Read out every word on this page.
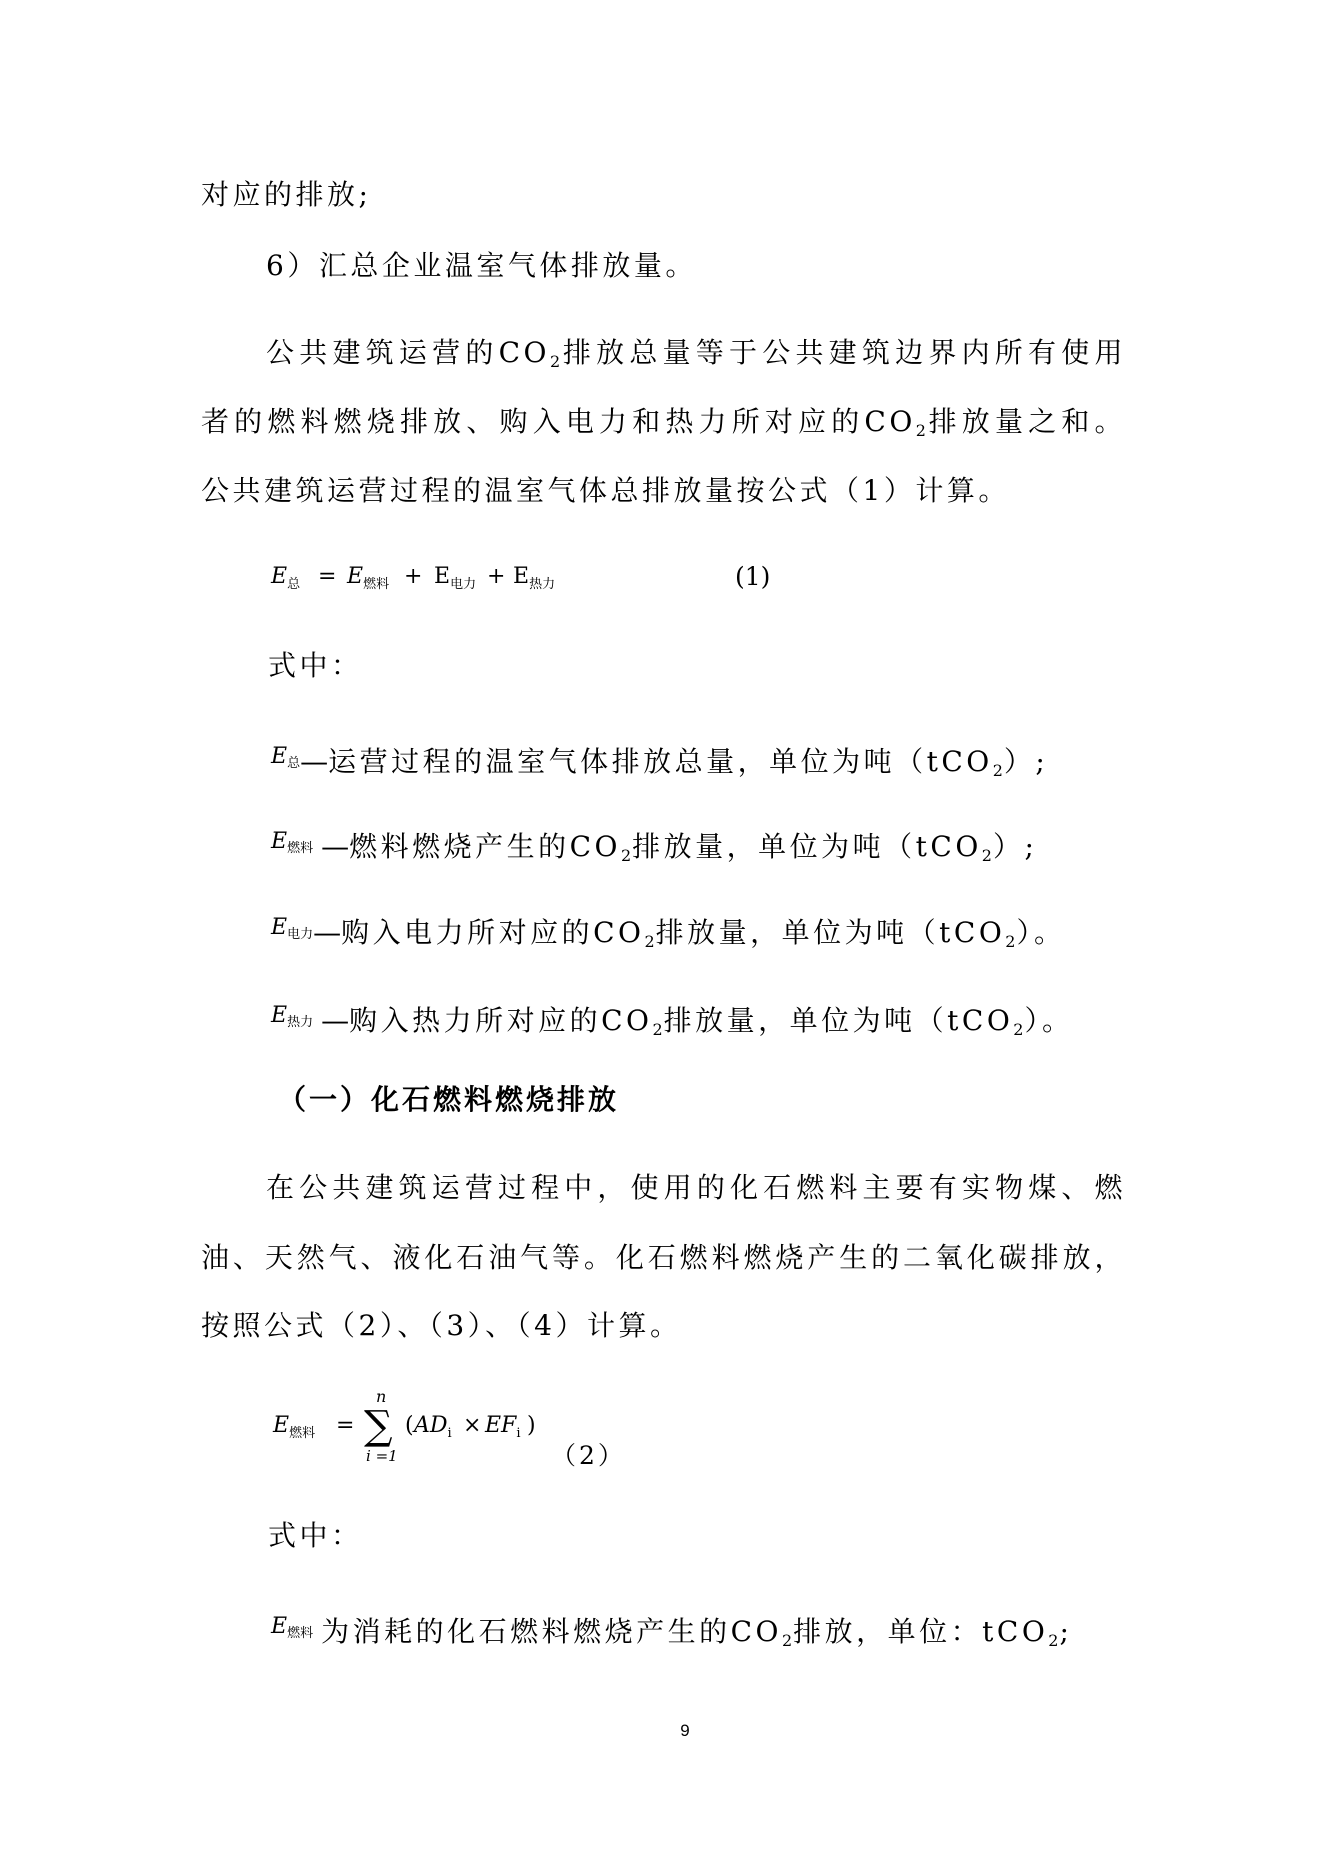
对应的排放;
6）汇总企业温室气体排放量。
公共建筑运营的CO2排放总量等于公共建筑边界内所有使用
者的燃料燃烧排放、购入电力和热力所对应的CO2排放量之和。
公共建筑运营过程的温室气体总排放量按公式（1）计算。
$E_总 = E_{燃料} + E_{电力} + E_{热力}$	(1)
式中：
$^E$总—运营过程的温室气体排放总量，单位为吨（tCO2）;
$^E$燃料 —燃料燃烧产生的CO2排放量，单位为吨（tCO2）;
$^E$电力—购入电力所对应的CO2排放量，单位为吨（tCO2）。
$^E$热力 —购入热力所对应的CO2排放量，单位为吨（tCO2）。
（一）化石燃料燃烧排放
在公共建筑运营过程中，使用的化石燃料主要有实物煤、燃
油、天然气、液化石油气等。化石燃料燃烧产生的二氧化碳排放，
按照公式（2）、（3）、（4）计算。
$E_{燃料}$ = ∑
n
i =1
( $AD_i \times EF_i$ )
（2）
式中：
$^E$燃料 为消耗的化石燃料燃烧产生的CO2排放，单位：tCO2;
9
